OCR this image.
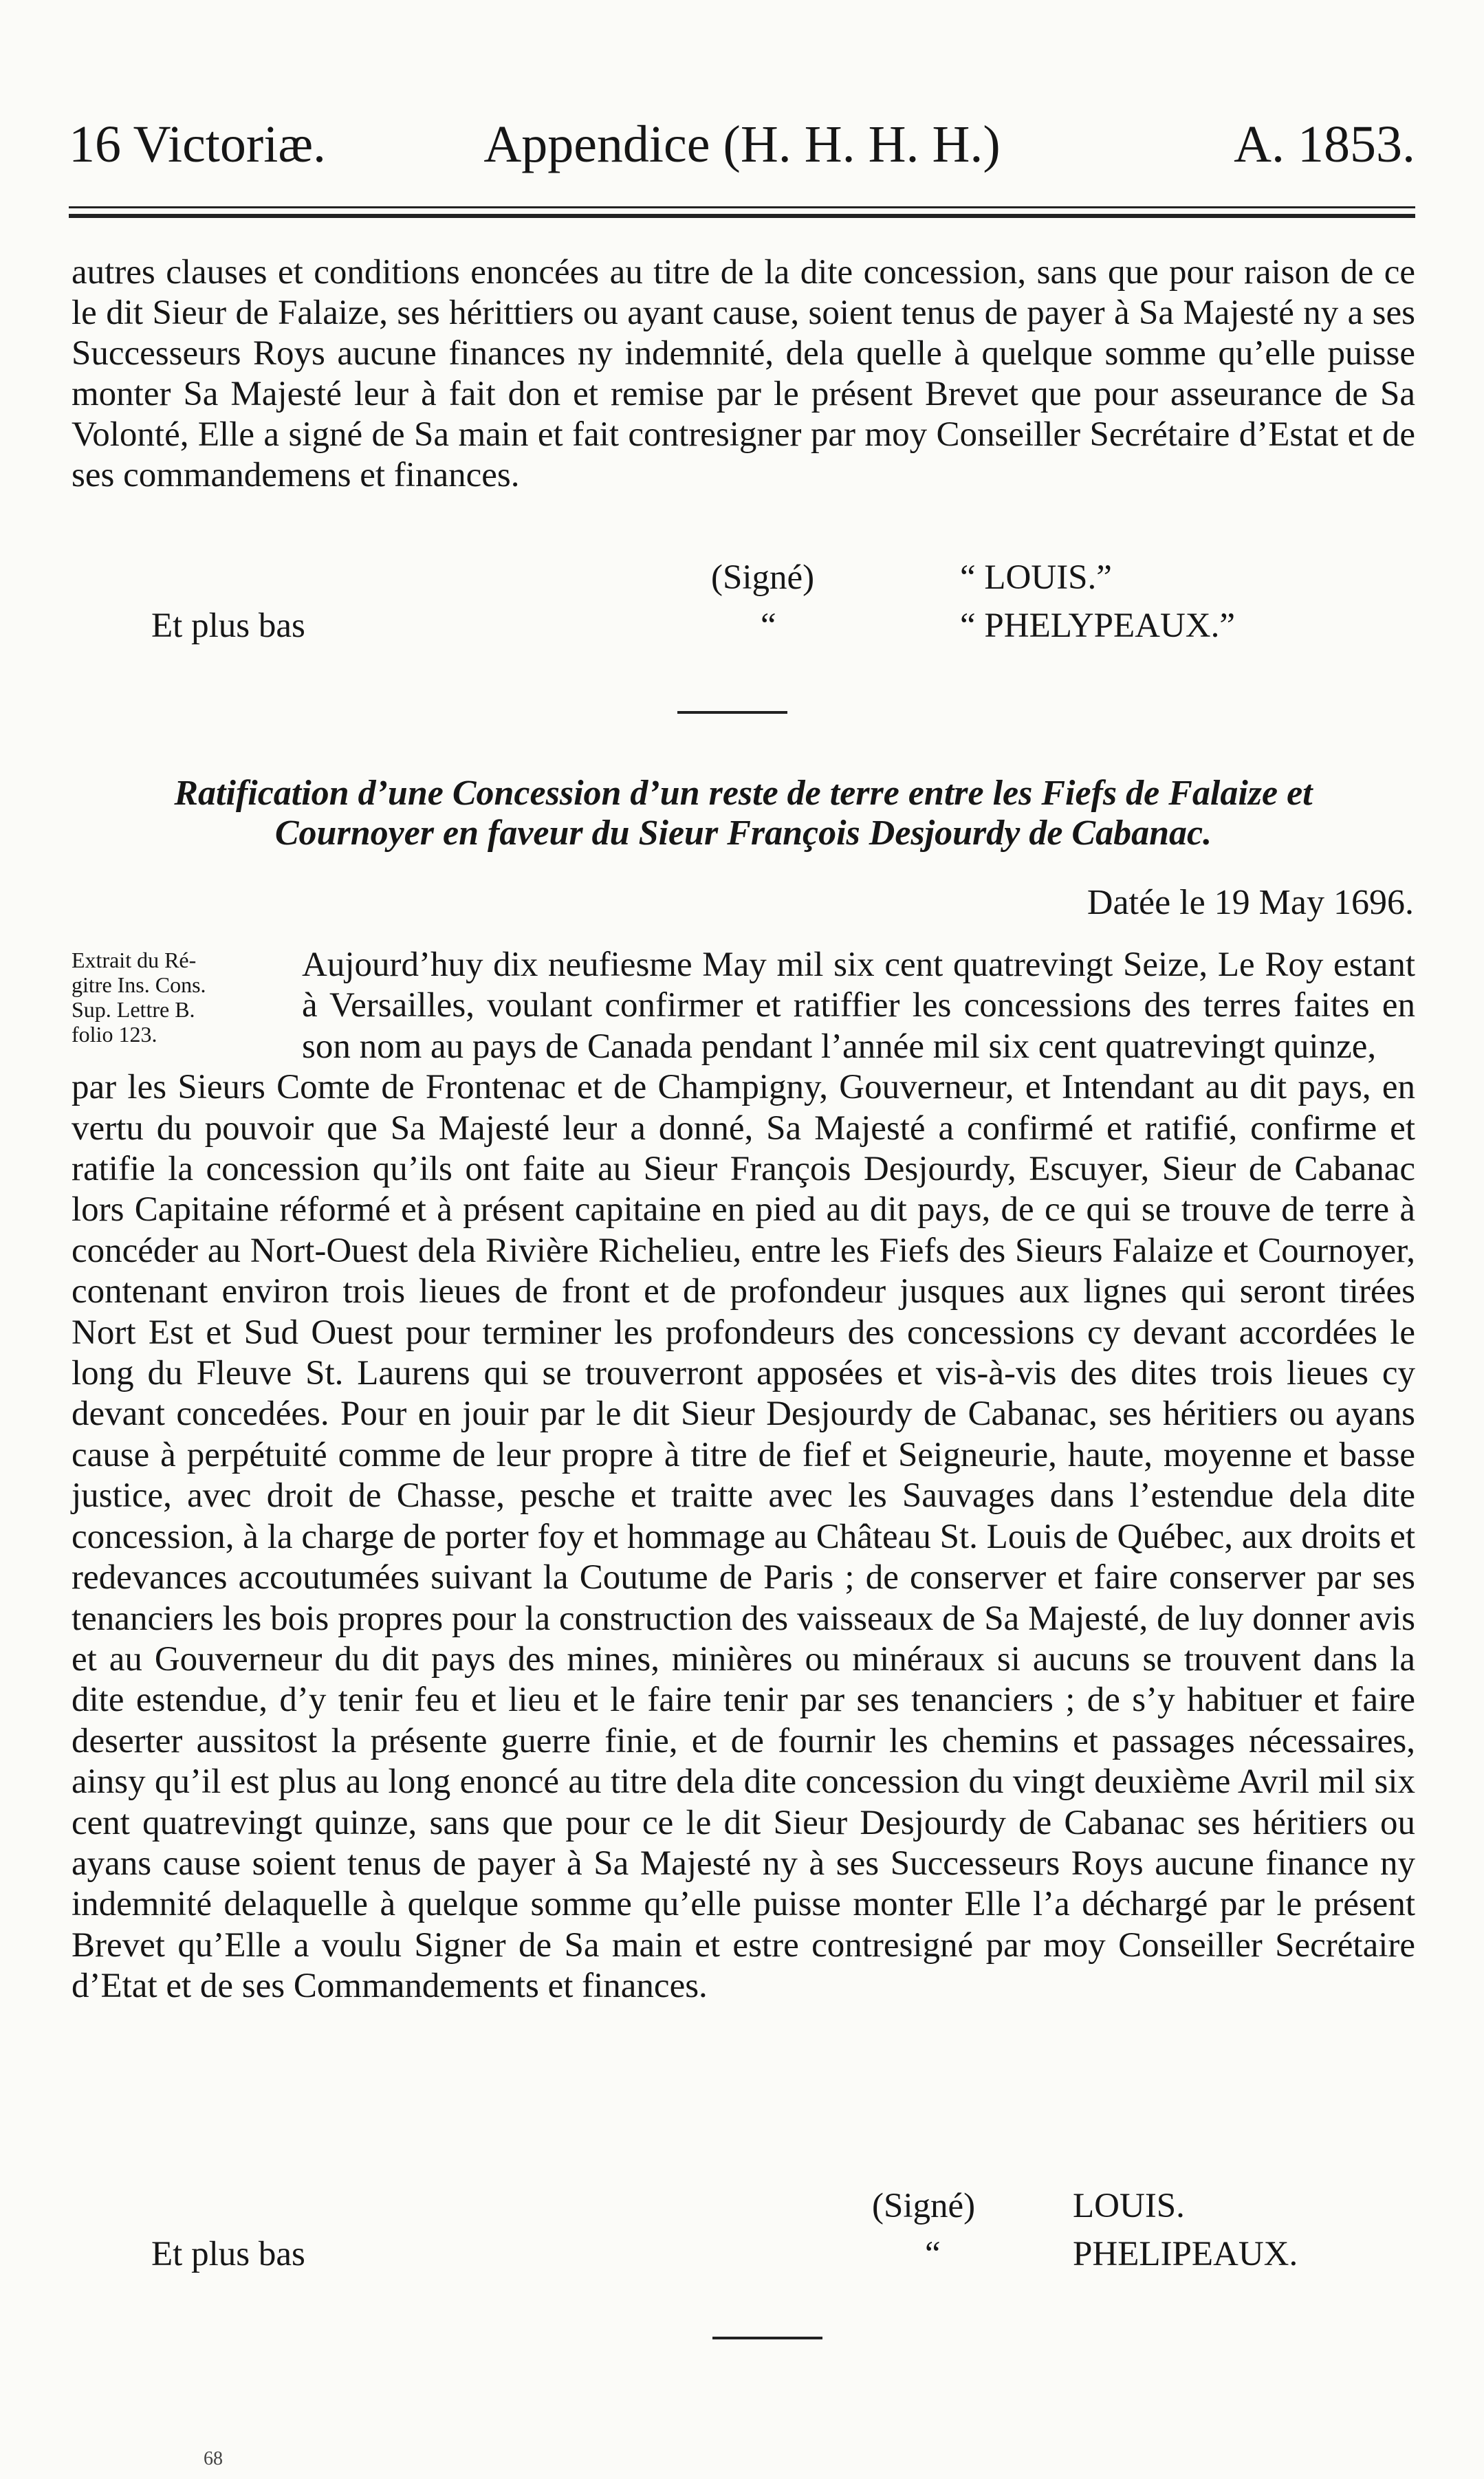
16 Victoriæ.	Appendice (H. H. H. H.)	A. 1853.

autres clauses et conditions enoncées au titre de la dite concession, sans que pour raison de ce le dit Sieur de Falaize, ses hérittiers ou ayant cause, soient tenus de payer à Sa Majesté ny a ses Successeurs Roys aucune finances ny indemnité, dela quelle à quelque somme qu’elle puisse monter Sa Majesté leur à fait don et remise par le présent Brevet que pour asseurance de Sa Volonté, Elle a signé de Sa main et fait contresigner par moy Conseiller Secrétaire d’Estat et de ses commandemens et finances.

(Signé)	“ LOUIS.”
Et plus bas	“	“ PHELYPEAUX.”
Ratification d’une Concession d’un reste de terre entre les Fiefs de Falaize et
Cournoyer en faveur du Sieur François Desjourdy de Cabanac.
Datée le 19 May 1696.
Extrait du Ré-
gitre Ins. Cons.
Sup. Lettre B.
folio 123.
Aujourd’huy dix neufiesme May mil six cent quatrevingt Seize, Le Roy estant à Versailles, voulant confirmer et ratiffier les concessions des terres faites en son nom au pays de Canada pendant l’année mil six cent quatrevingt quinze,
par les Sieurs Comte de Frontenac et de Champigny, Gouverneur, et Intendant au dit pays, en vertu du pouvoir que Sa Majesté leur a donné, Sa Majesté a confirmé et ratifié, confirme et ratifie la concession qu’ils ont faite au Sieur François Desjourdy, Escuyer, Sieur de Cabanac lors Capitaine réformé et à présent capitaine en pied au dit pays, de ce qui se trouve de terre à concéder au Nort-Ouest dela Rivière Richelieu, entre les Fiefs des Sieurs Falaize et Cournoyer, contenant environ trois lieues de front et de profondeur jusques aux lignes qui seront tirées Nort Est et Sud Ouest pour terminer les profondeurs des concessions cy devant accordées le long du Fleuve St. Laurens qui se trouverront apposées et vis-à-vis des dites trois lieues cy devant concedées. Pour en jouir par le dit Sieur Desjourdy de Cabanac, ses héritiers ou ayans cause à perpétuité comme de leur propre à titre de fief et Seigneurie, haute, moyenne et basse justice, avec droit de Chasse, pesche et traitte avec les Sauvages dans l’estendue dela dite concession, à la charge de porter foy et hommage au Château St. Louis de Québec, aux droits et redevances accoutumées suivant la Coutume de Paris ; de conserver et faire conserver par ses tenanciers les bois propres pour la construction des vaisseaux de Sa Majesté, de luy donner avis et au Gouverneur du dit pays des mines, minières ou minéraux si aucuns se trouvent dans la dite estendue, d’y tenir feu et lieu et le faire tenir par ses tenanciers ; de s’y habituer et faire deserter aussitost la présente guerre finie, et de fournir les chemins et passages nécessaires, ainsy qu’il est plus au long enoncé au titre dela dite concession du vingt deuxième Avril mil six cent quatrevingt quinze, sans que pour ce le dit Sieur Desjourdy de Cabanac ses héritiers ou ayans cause soient tenus de payer à Sa Majesté ny à ses Successeurs Roys aucune finance ny indemnité delaquelle à quelque somme qu’elle puisse monter Elle l’a déchargé par le présent Brevet qu’Elle a voulu Signer de Sa main et estre contresigné par moy Conseiller Secrétaire d’Etat et de ses Commandements et finances.
(Signé)	LOUIS.
Et plus bas	“	PHELIPEAUX.
68
